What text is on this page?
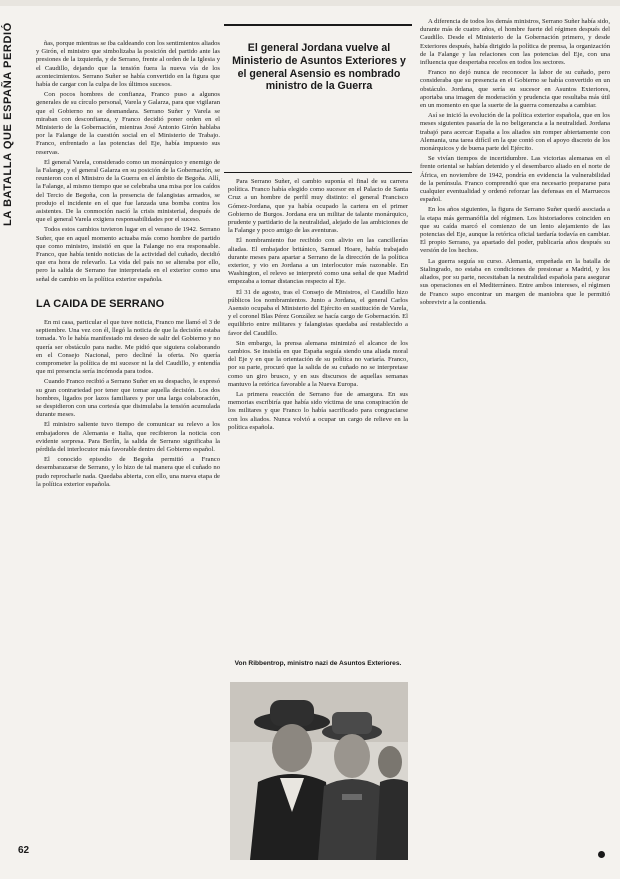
LA BATALLA QUE ESPAÑA PERDIÓ	ñas, porque mientras se iba caldeando con los sentimientos aliados y Girón, el ministro que simbolizaba la posición del partido ante las presiones de la izquierda, y de Serrano, frente al orden de la Iglesia y el Caudillo, dejando que la tensión fuera la nueva vía de los acontecimientos. Serrano Suñer se había convertido en la figura que había de cargar con la culpa de los últimos sucesos.

Con pocos hombres de confianza, Franco puso a algunos generales de su círculo personal, Varela y Galarza, para que vigilaran que el Gobierno no se desmandara. Serrano Suñer y Varela se miraban con desconfianza, y Franco decidió poner orden en el Ministerio de la Gobernación, mientras José Antonio Girón hablaba por la Falange de la cuestión social en el Ministerio de Trabajo. Franco, enfrentado a las potencias del Eje, había impuesto sus reservas.

El general Varela, considerado como un monárquico y enemigo de la Falange, y el general Galarza en su posición de la Gobernación, se reunieron con el Ministro de la Guerra en el ámbito de Begoña. Allí, la Falange, al mismo tiempo que se celebraba una misa por los caídos del Tercio de Begoña, con la presencia de falangistas armados, se produjo el incidente en el que fue lanzada una bomba contra los asistentes. De la conmoción nació la crisis ministerial, después de que el general Varela exigiera responsabilidades por el suceso.

Todos estos cambios tuvieron lugar en el verano de 1942. Serrano Suñer, que en aquel momento actuaba más como hombre de partido que como ministro, insistió en que la Falange no era responsable. Franco, que había tenido noticias de la actividad del cuñado, decidió que era hora de relevarlo. La vida del país no se alteraba por ello, pero la salida de Serrano fue interpretada en el exterior como una señal de cambio en la política exterior española.

LA CAIDA DE SERRANO

En mi casa, particular el que tuve noticia, Franco me llamó el 3 de septiembre. Una vez con él, llegó la noticia de que la decisión estaba tomada. Yo le había manifestado mi deseo de salir del Gobierno y no quería ser obstáculo para nadie. Me pidió que siguiera colaborando en el Consejo Nacional, pero decliné la oferta. No quería comprometer la política de mi sucesor ni la del Caudillo, y entendía que mi presencia sería incómoda para todos.

Cuando Franco recibió a Serrano Suñer en su despacho, le expresó su gran contrariedad por tener que tomar aquella decisión. Los dos hombres, ligados por lazos familiares y por una larga colaboración, se despidieron con una cortesía que disimulaba la tensión acumulada durante meses.

El ministro saliente tuvo tiempo de comunicar su relevo a los embajadores de Alemania e Italia, que recibieron la noticia con evidente sorpresa. Para Berlín, la salida de Serrano significaba la pérdida del interlocutor más favorable dentro del Gobierno español.

El conocido episodio de Begoña permitió a Franco desembarazarse de Serrano, y lo hizo de tal manera que el cuñado no pudo reprocharle nada. Quedaba abierta, con ello, una nueva etapa de la política exterior española.

El general Jordana vuelve al Ministerio de Asuntos Exteriores y el general Asensio es nombrado ministro de la Guerra

Para Serrano Suñer, el cambio suponía el final de su carrera política. Franco había elegido como sucesor en el Palacio de Santa Cruz a un hombre de perfil muy distinto: el general Francisco Gómez-Jordana, que ya había ocupado la cartera en el primer Gobierno de Burgos. Jordana era un militar de talante monárquico, prudente y partidario de la neutralidad, alejado de las ambiciones de la Falange y poco amigo de las aventuras.

El nombramiento fue recibido con alivio en las cancillerías aliadas. El embajador británico, Samuel Hoare, había trabajado durante meses para apartar a Serrano de la dirección de la política exterior, y vio en Jordana a un interlocutor más razonable. En Washington, el relevo se interpretó como una señal de que Madrid empezaba a tomar distancias respecto al Eje.

El 31 de agosto, tras el Consejo de Ministros, el Caudillo hizo públicos los nombramientos. Junto a Jordana, el general Carlos Asensio ocupaba el Ministerio del Ejército en sustitución de Varela, y el coronel Blas Pérez González se hacía cargo de Gobernación. El equilibrio entre militares y falangistas quedaba así restablecido a favor del Caudillo.

Sin embargo, la prensa alemana minimizó el alcance de los cambios. Se insistía en que España seguía siendo una aliada moral del Eje y en que la orientación de su política no variaría. Franco, por su parte, procuró que la salida de su cuñado no se interpretase como un giro brusco, y en sus discursos de aquellas semanas mantuvo la retórica favorable a la Nueva Europa.

La primera reacción de Serrano fue de amargura. En sus memorias escribiría que había sido víctima de una conspiración de los militares y que Franco lo había sacrificado para congraciarse con los aliados. Nunca volvió a ocupar un cargo de relieve en la política española.

Von Ribbentrop, ministro nazi de Asuntos Exteriores.

A diferencia de todos los demás ministros, Serrano Suñer había sido, durante más de cuatro años, el hombre fuerte del régimen después del Caudillo. Desde el Ministerio de la Gobernación primero, y desde Exteriores después, había dirigido la política de prensa, la organización de la Falange y las relaciones con las potencias del Eje, con una influencia que despertaba recelos en todos los sectores.

Franco no dejó nunca de reconocer la labor de su cuñado, pero consideraba que su presencia en el Gobierno se había convertido en un obstáculo. Jordana, que sería su sucesor en Asuntos Exteriores, aportaba una imagen de moderación y prudencia que resultaba más útil en un momento en que la suerte de la guerra comenzaba a cambiar.

Así se inició la evolución de la política exterior española, que en los meses siguientes pasaría de la no beligerancia a la neutralidad. Jordana trabajó para acercar España a los aliados sin romper abiertamente con Alemania, una tarea difícil en la que contó con el apoyo discreto de los monárquicos y de buena parte del Ejército.

Se vivían tiempos de incertidumbre. Las victorias alemanas en el frente oriental se habían detenido y el desembarco aliado en el norte de África, en noviembre de 1942, pondría en evidencia la vulnerabilidad de la península. Franco comprendió que era necesario prepararse para cualquier eventualidad y ordenó reforzar las defensas en el Marruecos español.

En los años siguientes, la figura de Serrano Suñer quedó asociada a la etapa más germanófila del régimen. Los historiadores coinciden en que su caída marcó el comienzo de un lento alejamiento de las potencias del Eje, aunque la retórica oficial tardaría todavía en cambiar. El propio Serrano, ya apartado del poder, publicaría años después su versión de los hechos.

La guerra seguía su curso. Alemania, empeñada en la batalla de Stalingrado, no estaba en condiciones de presionar a Madrid, y los aliados, por su parte, necesitaban la neutralidad española para asegurar sus operaciones en el Mediterráneo. Entre ambos intereses, el régimen de Franco supo encontrar un margen de maniobra que le permitió sobrevivir a la contienda.

62
